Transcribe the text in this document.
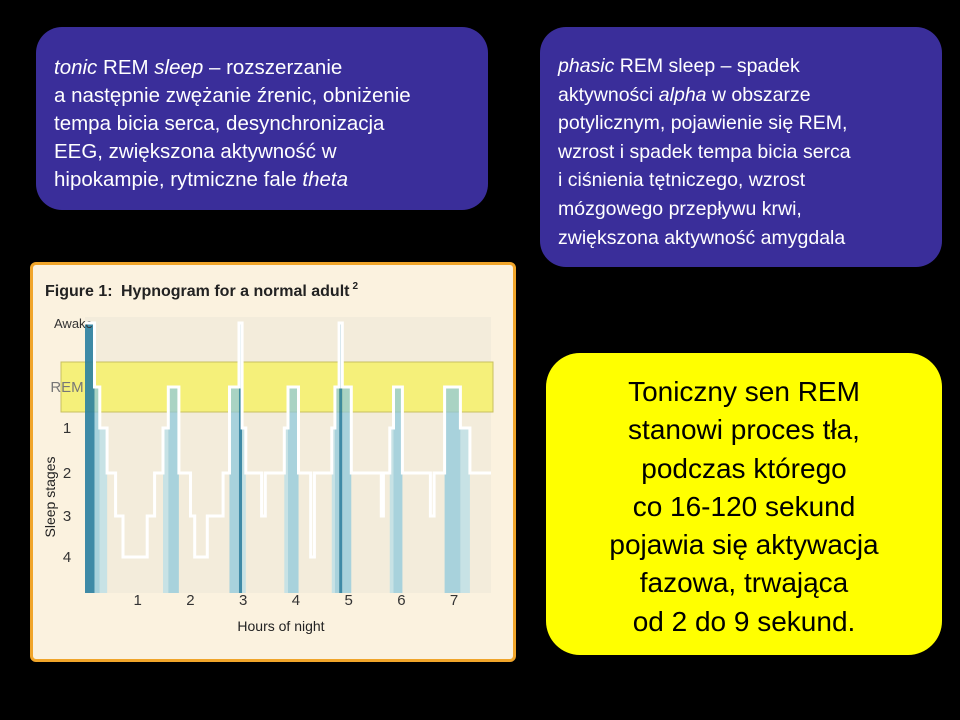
tonic REM sleep – rozszerzanie
a następnie zwężanie źrenic, obniżenie
tempa bicia serca, desynchronizacja
EEG, zwiększona aktywność w
hipokampie, rytmiczne fale theta
phasic REM sleep – spadek
aktywności alpha w obszarze
potylicznym, pojawienie się REM,
wzrost i spadek tempa bicia serca
i ciśnienia tętniczego, wzrost
mózgowego przepływu krwi,
zwiększona aktywność amygdala
Figure 1: Hypnogram for a normal adult $^2$
Awake
REM
1
2
3
4
1	2	3	4	5	6	7
Sleep stages
Hours of night
Toniczny sen REM
stanowi proces tła,
podczas którego
co 16-120 sekund
pojawia się aktywacja
fazowa, trwająca
od 2 do 9 sekund.
